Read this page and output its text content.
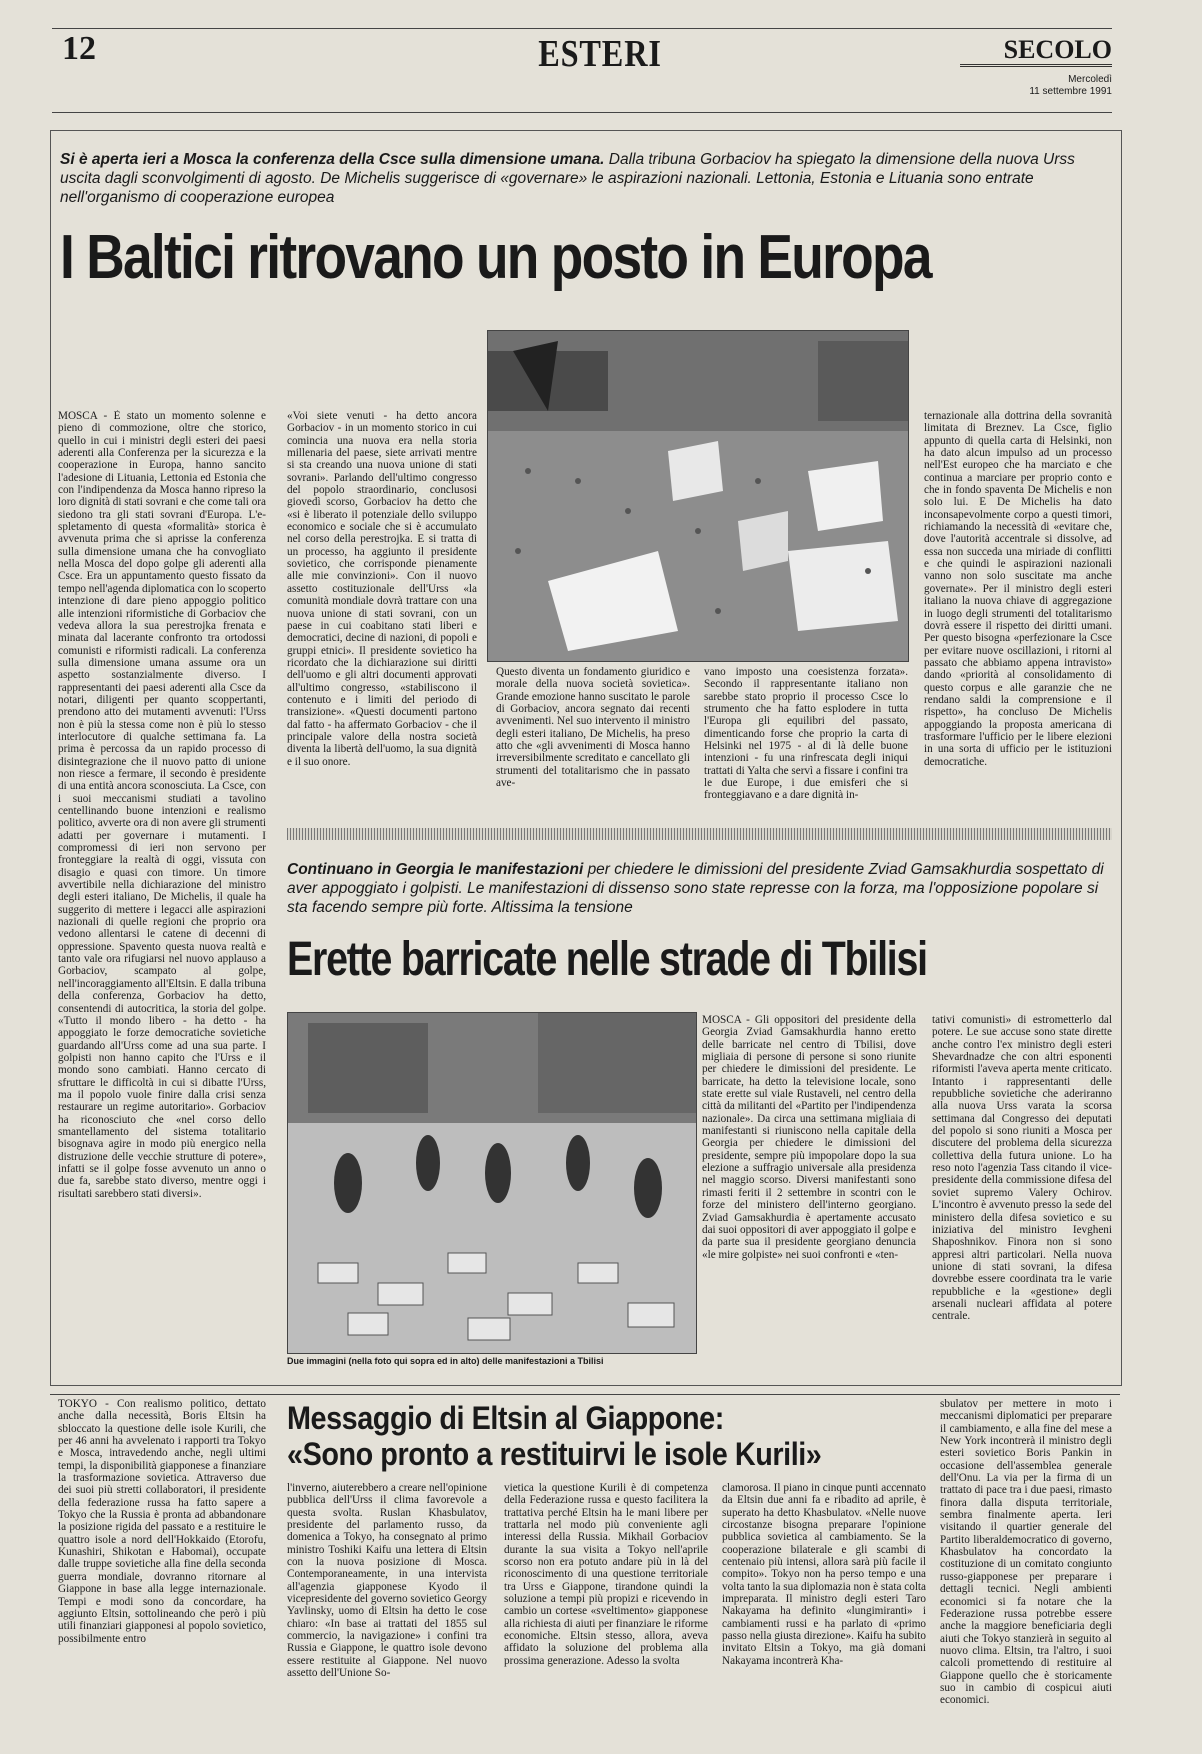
12	ESTERI	SECOLO
Mercoledì
11 settembre 1991
Si è aperta ieri a Mosca la conferenza della Csce sulla dimensione umana. Dalla tribuna Gorbaciov ha spiegato la dimensione della nuova Urss uscita dagli sconvolgimenti di agosto. De Michelis suggerisce di «governare» le aspirazioni nazionali. Lettonia, Estonia e Lituania sono entrate nell'organismo di cooperazione europea
I Baltici ritrovano un posto in Europa
MOSCA - È stato un momento solenne e pieno di commozione, oltre che storico, quello in cui i ministri degli esteri dei paesi aderenti alla Conferenza per la sicurezza e la cooperazione in Europa, hanno sancito l'adesione di Lituania, Lettonia ed Estonia che con l'indipendenza da Mosca hanno ripreso la loro dignità di stati sovrani e che come tali ora siedono tra gli stati sovrani d'Europa. L'e-spletamento di questa «formalità» storica è avvenuta prima che si aprisse la conferenza sulla dimensione umana che ha convogliato nella Mosca del dopo golpe gli aderenti alla Csce. Era un appuntamento questo fissato da tempo nell'agenda diplomatica con lo scoperto intenzione di dare pieno appoggio politico alle intenzioni riformistiche di Gorbaciov che vedeva allora la sua perestrojka frenata e minata dal lacerante confronto tra ortodossi comunisti e riformisti radicali. La conferenza sulla dimensione umana assume ora un aspetto sostanzialmente diverso. I rappresentanti dei paesi aderenti alla Csce da notari, diligenti per quanto scoppertanti, prendono atto dei mutamenti avvenuti: l'Urss non è più la stessa come non è più lo stesso interlocutore di qualche settimana fa. La prima è percossa da un rapido processo di disintegrazione che il nuovo patto di unione non riesce a fermare, il secondo è presidente di una entità ancora sconosciuta. La Csce, con i suoi meccanismi studiati a tavolino centellinando buone intenzioni e realismo politico, avverte ora di non avere gli strumenti adatti per governare i mutamenti. I compromessi di ieri non servono per fronteggiare la realtà di oggi, vissuta con disagio e quasi con timore. Un timore avvertibile nella dichiarazione del ministro degli esteri italiano, De Michelis, il quale ha suggerito di mettere i legacci alle aspirazioni nazionali di quelle regioni che proprio ora vedono allentarsi le catene di decenni di oppressione. Spavento questa nuova realtà e tanto vale ora rifugiarsi nel nuovo applauso a Gorbaciov, scampato al golpe, nell'incoraggiamento all'Eltsin. E dalla tribuna della conferenza, Gorbaciov ha detto, consentendi di autocritica, la storia del golpe. «Tutto il mondo libero - ha detto - ha appoggiato le forze democratiche sovietiche guardando all'Urss come ad una sua parte. I golpisti non hanno capito che l'Urss e il mondo sono cambiati. Hanno cercato di sfruttare le difficoltà in cui si dibatte l'Urss, ma il popolo vuole finire dalla crisi senza restaurare un regime autoritario». Gorbaciov ha riconosciuto che «nel corso dello smantellamento del sistema totalitario bisognava agire in modo più energico nella distruzione delle vecchie strutture di potere», infatti se il golpe fosse avvenuto un anno o due fa, sarebbe stato diverso, mentre oggi i risultati sarebbero stati diversi».
«Voi siete venuti - ha detto ancora Gorbaciov - in un momento storico in cui comincia una nuova era nella storia millenaria del paese, siete arrivati mentre si sta creando una nuova unione di stati sovrani». Parlando dell'ultimo congresso del popolo straordinario, conclusosi giovedì scorso, Gorbaciov ha detto che «si è liberato il potenziale dello sviluppo economico e sociale che si è accumulato nel corso della perestrojka. E si tratta di un processo, ha aggiunto il presidente sovietico, che corrisponde pienamente alle mie convinzioni». Con il nuovo assetto costituzionale dell'Urss «la comunità mondiale dovrà trattare con una nuova unione di stati sovrani, con un paese in cui coabitano stati liberi e democratici, decine di nazioni, di popoli e gruppi etnici». Il presidente sovietico ha ricordato che la dichiarazione sui diritti dell'uomo e gli altri documenti approvati all'ultimo congresso, «stabiliscono il contenuto e i limiti del periodo di transizione». «Questi documenti partono dal fatto - ha affermato Gorbaciov - che il principale valore della nostra società diventa la libertà dell'uomo, la sua dignità e il suo onore.
Questo diventa un fondamento giuridico e morale della nuova società sovietica». Grande emozione hanno suscitato le parole di Gorbaciov, ancora segnato dai recenti avvenimenti. Nel suo intervento il ministro degli esteri italiano, De Michelis, ha preso atto che «gli avvenimenti di Mosca hanno irreversibilmente screditato e cancellato gli strumenti del totalitarismo che in passato ave-
vano imposto una coesistenza forzata». Secondo il rappresentante italiano non sarebbe stato proprio il processo Csce lo strumento che ha fatto esplodere in tutta l'Europa gli equilibri del passato, dimenticando forse che proprio la carta di Helsinki nel 1975 - al di là delle buone intenzioni - fu una rinfrescata degli iniqui trattati di Yalta che servì a fissare i confini tra le due Europe, i due emisferi che si fronteggiavano e a dare dignità in-
ternazionale alla dottrina della sovranità limitata di Breznev. La Csce, figlio appunto di quella carta di Helsinki, non ha dato alcun impulso ad un processo nell'Est europeo che ha marciato e che continua a marciare per proprio conto e che in fondo spaventa De Michelis e non solo lui. E De Michelis ha dato inconsapevolmente corpo a questi timori, richiamando la necessità di «evitare che, dove l'autorità accentrale si dissolve, ad essa non succeda una miriade di conflitti e che quindi le aspirazioni nazionali vanno non solo suscitate ma anche governate». Per il ministro degli esteri italiano la nuova chiave di aggregazione in luogo degli strumenti del totalitarismo dovrà essere il rispetto dei diritti umani. Per questo bisogna «perfezionare la Csce per evitare nuove oscillazioni, i ritorni al passato che abbiamo appena intravisto» dando «priorità al consolidamento di questo corpus e alle garanzie che ne rendano saldi la comprensione e il rispetto», ha concluso De Michelis appoggiando la proposta americana di trasformare l'ufficio per le libere elezioni in una sorta di ufficio per le istituzioni democratiche.
Continuano in Georgia le manifestazioni per chiedere le dimissioni del presidente Zviad Gamsakhurdia sospettato di aver appoggiato i golpisti. Le manifestazioni di dissenso sono state represse con la forza, ma l'opposizione popolare si sta facendo sempre più forte. Altissima la tensione
Erette barricate nelle strade di Tbilisi
Due immagini (nella foto qui sopra ed in alto) delle manifestazioni a Tbilisi
MOSCA - Gli oppositori del presidente della Georgia Zviad Gamsakhurdia hanno eretto delle barricate nel centro di Tbilisi, dove migliaia di persone di persone si sono riunite per chiedere le dimissioni del presidente. Le barricate, ha detto la televisione locale, sono state erette sul viale Rustaveli, nel centro della città da militanti del «Partito per l'indipendenza nazionale». Da circa una settimana migliaia di manifestanti si riuniscono nella capitale della Georgia per chiedere le dimissioni del presidente, sempre più impopolare dopo la sua elezione a suffragio universale alla presidenza nel maggio scorso. Diversi manifestanti sono rimasti feriti il 2 settembre in scontri con le forze del ministero dell'interno georgiano. Zviad Gamsakhurdia è apertamente accusato dai suoi oppositori di aver appoggiato il golpe e da parte sua il presidente georgiano denuncia «le mire golpiste» nei suoi confronti e «ten-
tativi comunisti» di estrometterlo dal potere. Le sue accuse sono state dirette anche contro l'ex ministro degli esteri Shevardnadze che con altri esponenti riformisti l'aveva aperta mente criticato. Intanto i rappresentanti delle repubbliche sovietiche che aderiranno alla nuova Urss varata la scorsa settimana dal Congresso dei deputati del popolo si sono riuniti a Mosca per discutere del problema della sicurezza collettiva della futura unione. Lo ha reso noto l'agenzia Tass citando il vice-presidente della commissione difesa del soviet supremo Valery Ochirov. L'incontro è avvenuto presso la sede del ministero della difesa sovietico e su iniziativa del ministro Ievgheni Shaposhnikov. Finora non si sono appresi altri particolari. Nella nuova unione di stati sovrani, la difesa dovrebbe essere coordinata tra le varie repubbliche e la «gestione» degli arsenali nucleari affidata al potere centrale.
TOKYO - Con realismo politico, dettato anche dalla necessità, Boris Eltsin ha sbloccato la questione delle isole Kurili, che per 46 anni ha avvelenato i rapporti tra Tokyo e Mosca, intravedendo anche, negli ultimi tempi, la disponibilità giapponese a finanziare la trasformazione sovietica. Attraverso due dei suoi più stretti collaboratori, il presidente della federazione russa ha fatto sapere a Tokyo che la Russia è pronta ad abbandonare la posizione rigida del passato e a restituire le quattro isole a nord dell'Hokkaido (Etorofu, Kunashiri, Shikotan e Habomai), occupate dalle truppe sovietiche alla fine della seconda guerra mondiale, dovranno ritornare al Giappone in base alla legge internazionale. Tempi e modi sono da concordare, ha aggiunto Eltsin, sottolineando che però i più utili finanziari giapponesi al popolo sovietico, possibilmente entro
Messaggio di Eltsin al Giappone:
«Sono pronto a restituirvi le isole Kurili»
l'inverno, aiuterebbero a creare nell'opinione pubblica dell'Urss il clima favorevole a questa svolta. Ruslan Khasbulatov, presidente del parlamento russo, da domenica a Tokyo, ha consegnato al primo ministro Toshiki Kaifu una lettera di Eltsin con la nuova posizione di Mosca. Contemporaneamente, in una intervista all'agenzia giapponese Kyodo il vicepresidente del governo sovietico Georgy Yavlinsky, uomo di Eltsin ha detto le cose chiaro: «In base ai trattati del 1855 sul commercio, la navigazione» i confini tra Russia e Giappone, le quattro isole devono essere restituite al Giappone. Nel nuovo assetto dell'Unione So-
vietica la questione Kurili è di competenza della Federazione russa e questo facilitera la trattativa perché Eltsin ha le mani libere per trattarla nel modo più conveniente agli interessi della Russia. Mikhail Gorbaciov durante la sua visita a Tokyo nell'aprile scorso non era potuto andare più in là del riconoscimento di una questione territoriale tra Urss e Giappone, tirandone quindi la soluzione a tempi più propizi e ricevendo in cambio un cortese «sveltimento» giapponese alla richiesta di aiuti per finanziare le riforme economiche. Eltsin stesso, allora, aveva affidato la soluzione del problema alla prossima generazione. Adesso la svolta
clamorosa. Il piano in cinque punti accennato da Eltsin due anni fa e ribadito ad aprile, è superato ha detto Khasbulatov. «Nelle nuove circostanze bisogna preparare l'opinione pubblica sovietica al cambiamento. Se la cooperazione bilaterale e gli scambi di centenaio più intensi, allora sarà più facile il compito». Tokyo non ha perso tempo e una volta tanto la sua diplomazia non è stata colta impreparata. Il ministro degli esteri Taro Nakayama ha definito «lungimiranti» i cambiamenti russi e ha parlato di «primo passo nella giusta direzione». Kaifu ha subito invitato Eltsin a Tokyo, ma già domani Nakayama incontrerà Kha-
sbulatov per mettere in moto i meccanismi diplomatici per preparare il cambiamento, e alla fine del mese a New York incontrerà il ministro degli esteri sovietico Boris Pankin in occasione dell'assemblea generale dell'Onu. La via per la firma di un trattato di pace tra i due paesi, rimasto finora dalla disputa territoriale, sembra finalmente aperta. Ieri visitando il quartier generale del Partito liberaldemocratico di governo, Khasbulatov ha concordato la costituzione di un comitato congiunto russo-giapponese per preparare i dettagli tecnici. Negli ambienti economici si fa notare che la Federazione russa potrebbe essere anche la maggiore beneficiaria degli aiuti che Tokyo stanzierà in seguito al nuovo clima. Eltsin, tra l'altro, i suoi calcoli promettendo di restituire al Giappone quello che è storicamente suo in cambio di cospicui aiuti economici.
